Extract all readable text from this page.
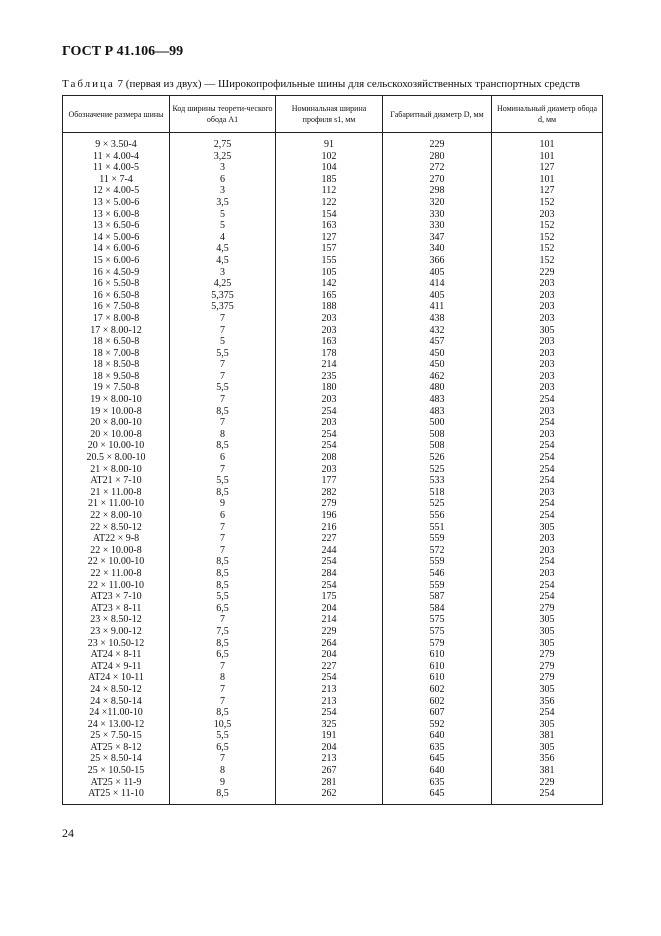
ГОСТ Р 41.106—99
Таблица 7 (первая из двух) — Широкопрофильные шины для сельскохозяйственных транспортных средств
Обозначение размера шины	Код ширины теорети-ческого обода A1	Номинальная ширина профиля s1, мм	Габаритный диаметр D, мм	Номинальный диаметр обода d, мм
9 × 3.50-4	2,75	91	229	101
11 × 4.00-4	3,25	102	280	101
11 × 4.00-5	3	104	272	127
11 × 7-4	6	185	270	101
12 × 4.00-5	3	112	298	127
13 × 5.00-6	3,5	122	320	152
13 × 6.00-8	5	154	330	203
13 × 6.50-6	5	163	330	152
14 × 5.00-6	4	127	347	152
14 × 6.00-6	4,5	157	340	152
15 × 6.00-6	4,5	155	366	152
16 × 4.50-9	3	105	405	229
16 × 5.50-8	4,25	142	414	203
16 × 6.50-8	5,375	165	405	203
16 × 7.50-8	5,375	188	411	203
17 × 8.00-8	7	203	438	203
17 × 8.00-12	7	203	432	305
18 × 6.50-8	5	163	457	203
18 × 7.00-8	5,5	178	450	203
18 × 8.50-8	7	214	450	203
18 × 9.50-8	7	235	462	203
19 × 7.50-8	5,5	180	480	203
19 × 8.00-10	7	203	483	254
19 × 10.00-8	8,5	254	483	203
20 × 8.00-10	7	203	500	254
20 × 10.00-8	8	254	508	203
20 × 10.00-10	8,5	254	508	254
20.5 × 8.00-10	6	208	526	254
21 × 8.00-10	7	203	525	254
AT21 × 7-10	5,5	177	533	254
21 × 11.00-8	8,5	282	518	203
21 × 11.00-10	9	279	525	254
22 × 8.00-10	6	196	556	254
22 × 8.50-12	7	216	551	305
AT22 × 9-8	7	227	559	203
22 × 10.00-8	7	244	572	203
22 × 10.00-10	8,5	254	559	254
22 × 11.00-8	8,5	284	546	203
22 × 11.00-10	8,5	254	559	254
AT23 × 7-10	5,5	175	587	254
AT23 × 8-11	6,5	204	584	279
23 × 8.50-12	7	214	575	305
23 × 9.00-12	7,5	229	575	305
23 × 10.50-12	8,5	264	579	305
AT24 × 8-11	6,5	204	610	279
AT24 × 9-11	7	227	610	279
AT24 × 10-11	8	254	610	279
24 × 8.50-12	7	213	602	305
24 × 8.50-14	7	213	602	356
24 ×11.00-10	8,5	254	607	254
24 × 13.00-12	10,5	325	592	305
25 × 7.50-15	5,5	191	640	381
AT25 × 8-12	6,5	204	635	305
25 × 8.50-14	7	213	645	356
25 × 10.50-15	8	267	640	381
AT25 × 11-9	9	281	635	229
AT25 × 11-10	8,5	262	645	254
24
